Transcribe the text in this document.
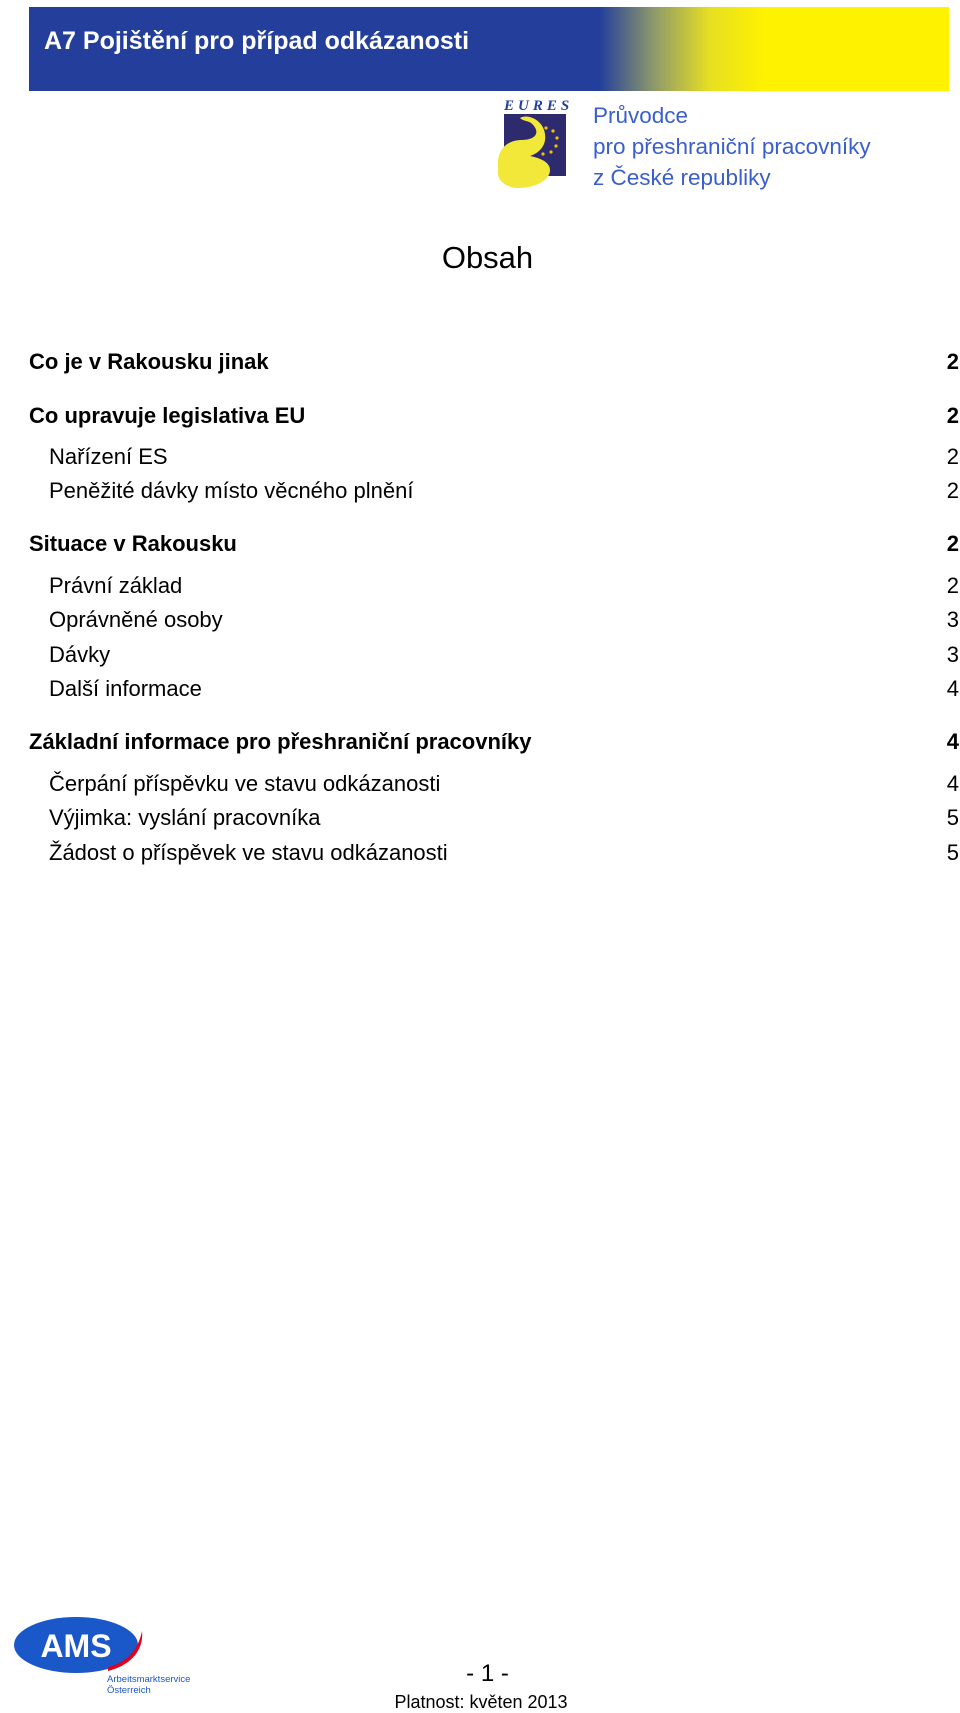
A7 Pojištění pro případ odkázanosti
EURES Průvodce
pro přeshraniční pracovníky
z České republiky
Obsah
Co je v Rakousku jinak	2
Co upravuje legislativa EU	2
Nařízení ES	2
Peněžité dávky místo věcného plnění	2
Situace v Rakousku	2
Právní základ	2
Oprávněné osoby	3
Dávky	3
Další informace	4
Základní informace pro přeshraniční pracovníky	4
Čerpání příspěvku ve stavu odkázanosti	4
Výjimka: vyslání pracovníka	5
Žádost o příspěvek ve stavu odkázanosti	5
AMS
Arbeitsmarktservice
Österreich
- 1 -
Platnost: květen 2013
